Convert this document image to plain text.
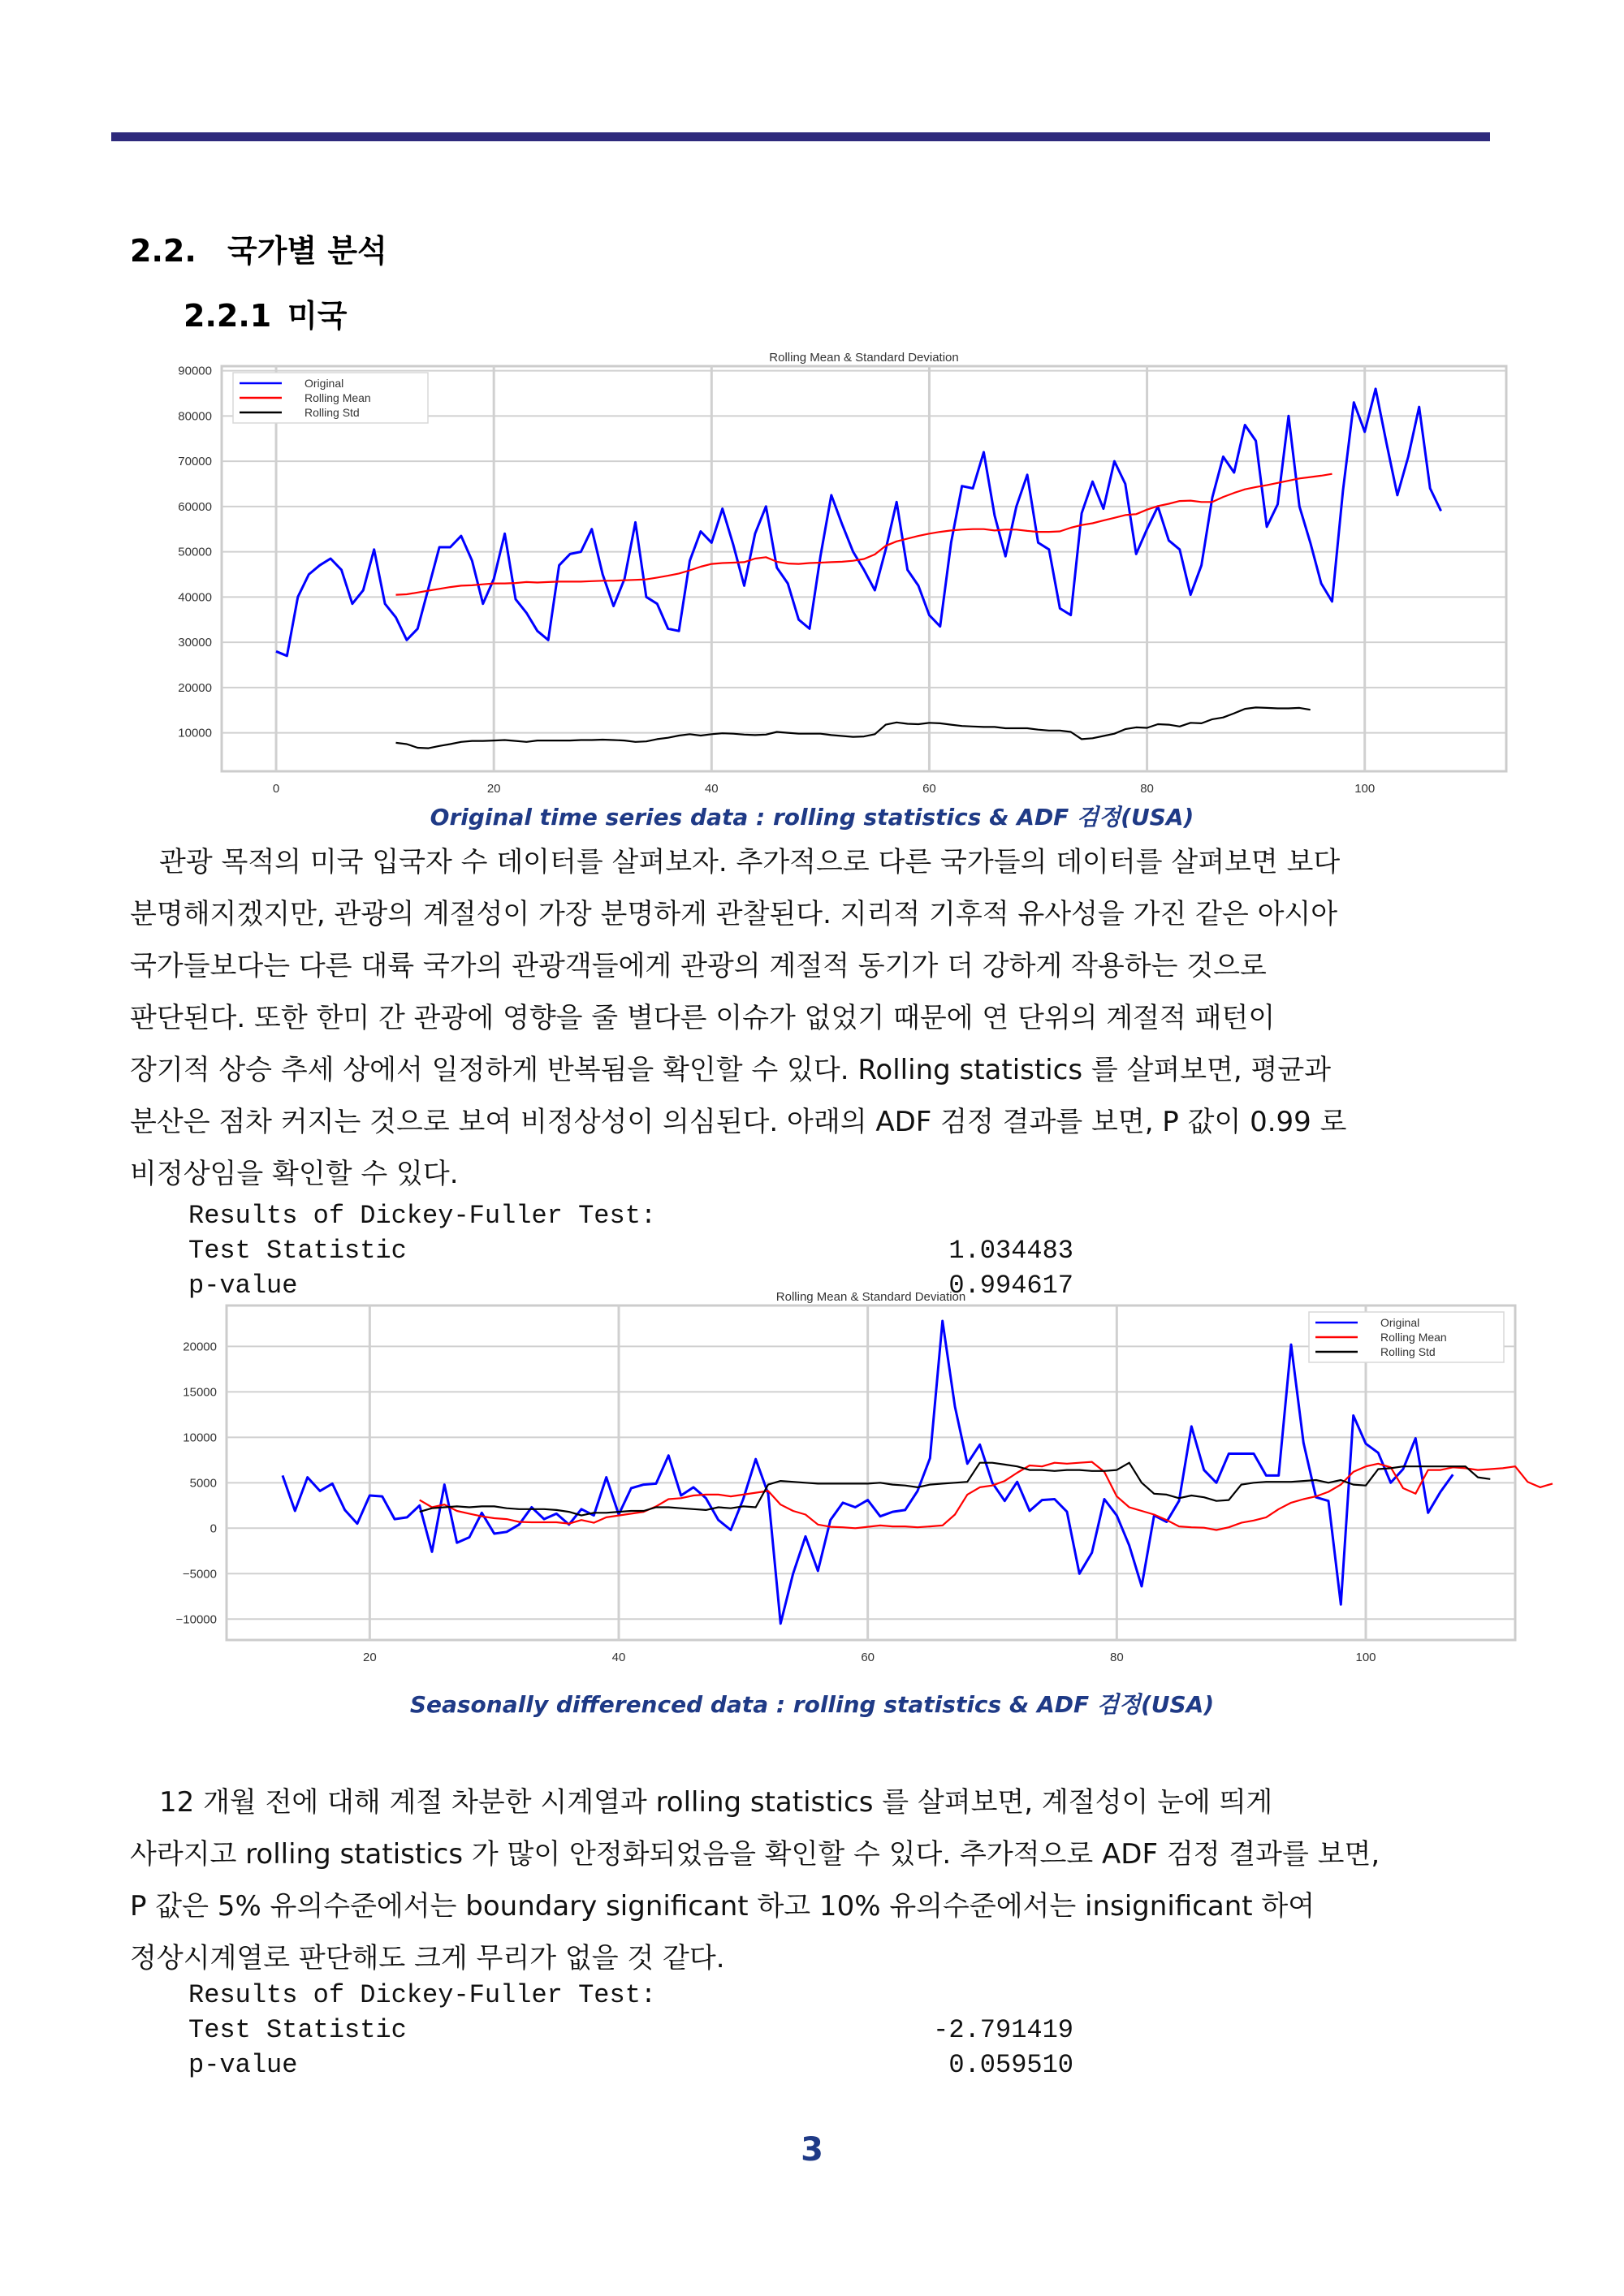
2.2. 국가별 분석
2.2.1 미국
Rolling Mean & Standard Deviation
10000
20000
30000
40000
50000
60000
70000
80000
90000
0	20	40	60	80	100
Original
Rolling Mean
Rolling Std
Original time series data : rolling statistics & ADF 검정(USA)
관광 목적의 미국 입국자 수 데이터를 살펴보자. 추가적으로 다른 국가들의 데이터를 살펴보면 보다
분명해지겠지만, 관광의 계절성이 가장 분명하게 관찰된다. 지리적 기후적 유사성을 가진 같은 아시아
국가들보다는 다른 대륙 국가의 관광객들에게 관광의 계절적 동기가 더 강하게 작용하는 것으로
판단된다. 또한 한미 간 관광에 영향을 줄 별다른 이슈가 없었기 때문에 연 단위의 계절적 패턴이
장기적 상승 추세 상에서 일정하게 반복됨을 확인할 수 있다. Rolling statistics 를 살펴보면, 평균과
분산은 점차 커지는 것으로 보여 비정상성이 의심된다. 아래의 ADF 검정 결과를 보면, P 값이 0.99 로
비정상임을 확인할 수 있다.
Results of Dickey-Fuller Test:
Test Statistic	1.034483
p-value	0.994617
Rolling Mean & Standard Deviation
−10000
−5000
0
5000
10000
15000
20000
20	40	60	80	100
Original
Rolling Mean
Rolling Std
Seasonally differenced data : rolling statistics & ADF 검정(USA)
12 개월 전에 대해 계절 차분한 시계열과 rolling statistics 를 살펴보면, 계절성이 눈에 띄게
사라지고 rolling statistics 가 많이 안정화되었음을 확인할 수 있다. 추가적으로 ADF 검정 결과를 보면,
P 값은 5% 유의수준에서는 boundary significant 하고 10% 유의수준에서는 insignificant 하여
정상시계열로 판단해도 크게 무리가 없을 것 같다.
Results of Dickey-Fuller Test:
Test Statistic	-2.791419
p-value	0.059510
3
